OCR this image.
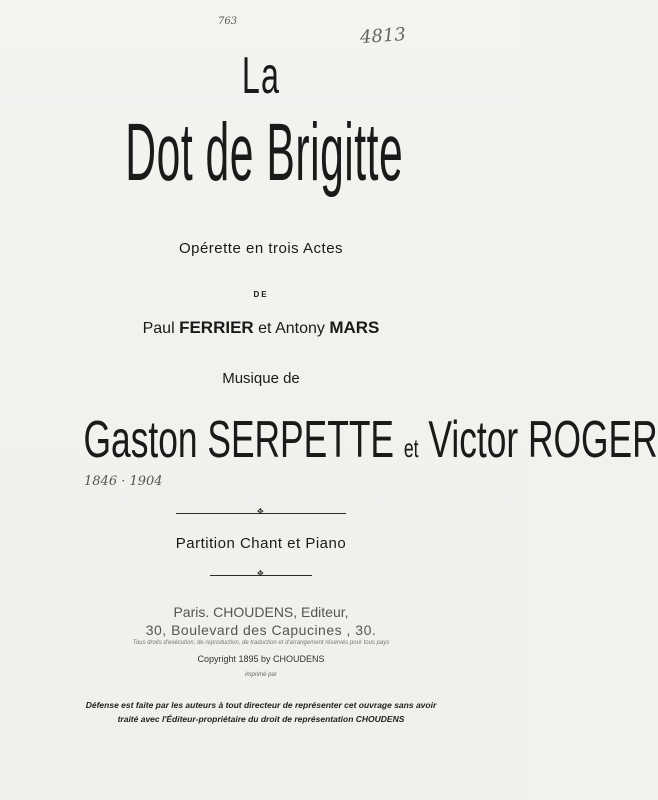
763
4813
La
Dot de Brigitte
Opérette en trois Actes
DE
Paul FERRIER et Antony MARS
Musique de
Gaston SERPETTE et Victor ROGER
1846 · 1904
✥
Partition Chant et Piano
✥
Paris. CHOUDENS, Editeur,
30, Boulevard des Capucines , 30.
Tous droits d'exécution, de reproduction, de traduction et d'arrangement réservés pour tous pays
Copyright 1895 by CHOUDENS
imprimé par
Défense est faite par les auteurs à tout directeur de représenter cet ouvrage sans avoir
traité avec l'Éditeur-propriétaire du droit de représentation CHOUDENS
